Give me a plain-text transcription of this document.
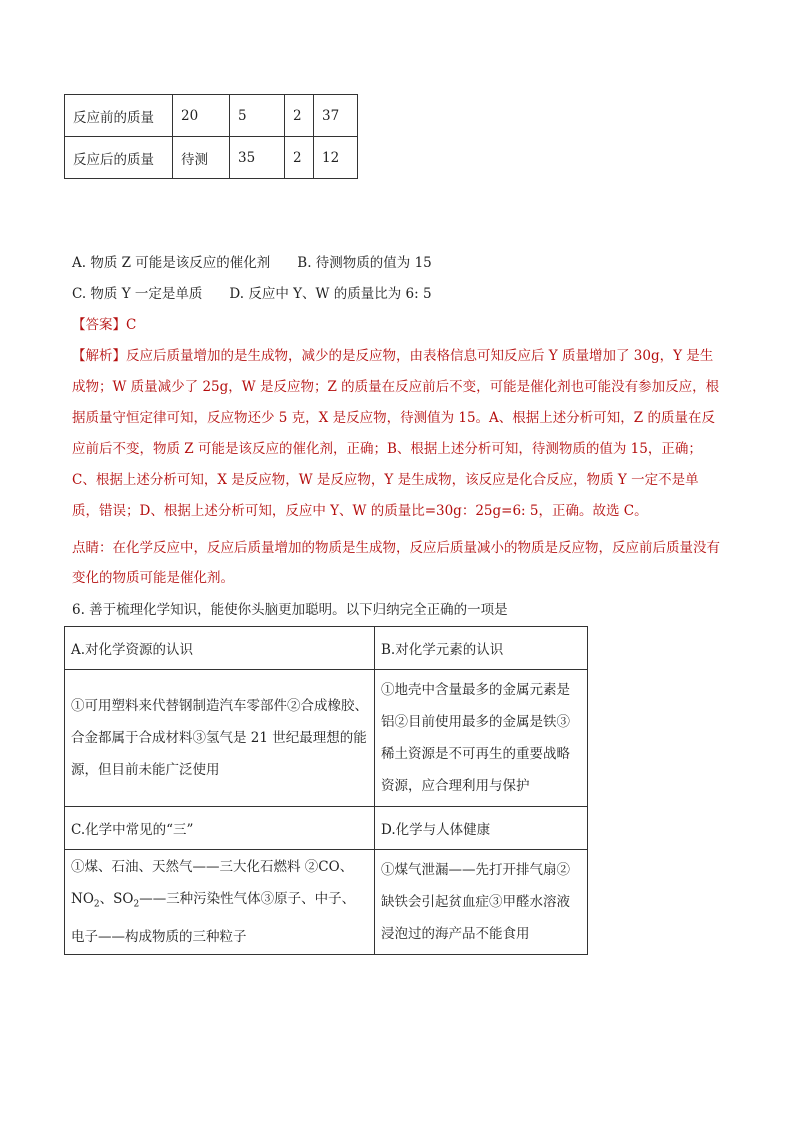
反应前的质量	20	5	2	37
反应后的质量	待测	35	2	12
A. 物质 Z 可能是该反应的催化剂　　B. 待测物质的值为 15
C. 物质 Y 一定是单质　　D. 反应中 Y、W 的质量比为 6: 5
【答案】C
【解析】反应后质量增加的是生成物，减少的是反应物，由表格信息可知反应后 Y 质量增加了 30g，Y 是生成物；W 质量减少了 25g，W 是反应物；Z 的质量在反应前后不变，可能是催化剂也可能没有参加反应，根据质量守恒定律可知，反应物还少 5 克，X 是反应物，待测值为 15。A、根据上述分析可知，Z 的质量在反应前后不变，物质 Z 可能是该反应的催化剂，正确；B、根据上述分析可知，待测物质的值为 15，正确；C、根据上述分析可知，X 是反应物，W 是反应物，Y 是生成物，该反应是化合反应，物质 Y 一定不是单质，错误；D、根据上述分析可知，反应中 Y、W 的质量比=30g：25g=6: 5，正确。故选 C。
点睛：在化学反应中，反应后质量增加的物质是生成物，反应后质量减小的物质是反应物，反应前后质量没有变化的物质可能是催化剂。
6. 善于梳理化学知识，能使你头脑更加聪明。以下归纳完全正确的一项是
A.对化学资源的认识	B.对化学元素的认识
①可用塑料来代替钢制造汽车零部件②合成橡胶、合金都属于合成材料③氢气是 21 世纪最理想的能源，但目前未能广泛使用	①地壳中含量最多的金属元素是铝②目前使用最多的金属是铁③稀土资源是不可再生的重要战略资源，应合理利用与保护
C.化学中常见的“三”	D.化学与人体健康
①煤、石油、天然气——三大化石燃料 ②CO、
$NO_2$、$SO_2——$三种污染性气体③原子、中子、
电子——构成物质的三种粒子	①煤气泄漏——先打开排气扇②缺铁会引起贫血症③甲醛水溶液浸泡过的海产品不能食用
